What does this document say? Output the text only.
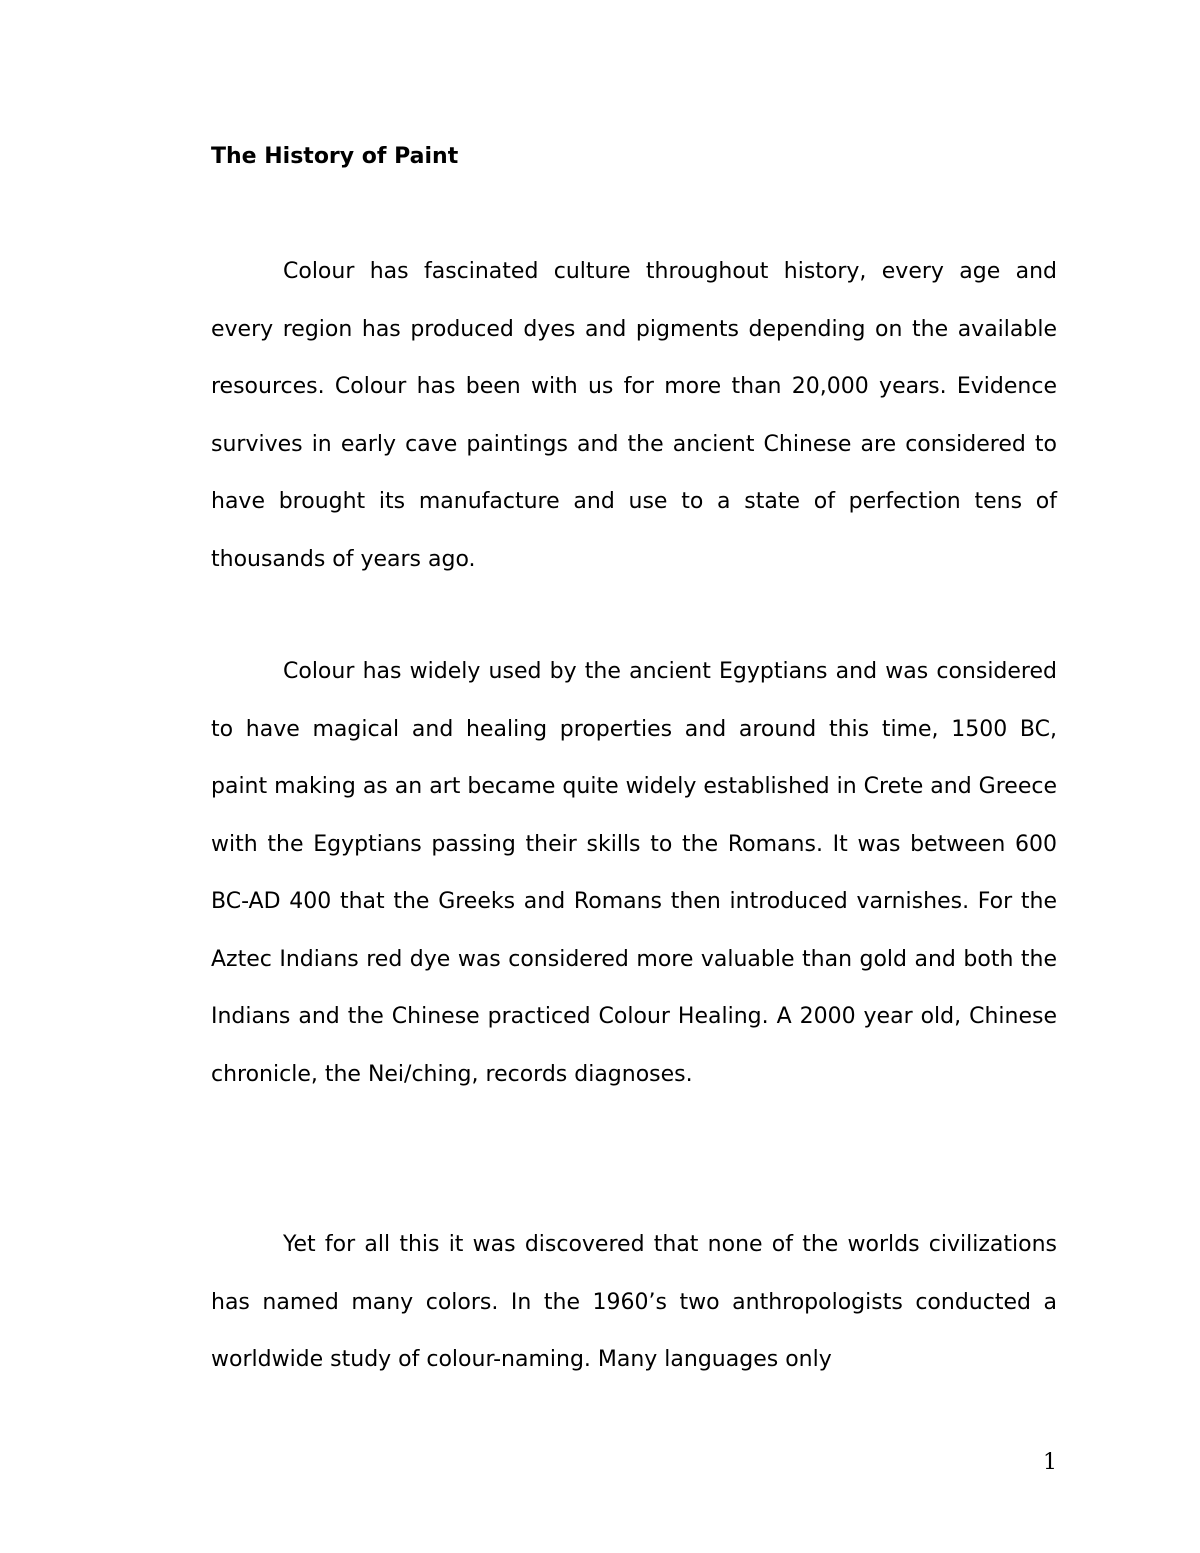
The History of Paint

Colour has fascinated culture throughout history, every age and every region has produced dyes and pigments depending on the available resources. Colour has been with us for more than 20,000 years. Evidence survives in early cave paintings and the ancient Chinese are considered to have brought its manufacture and use to a state of perfection tens of thousands of years ago.

Colour has widely used by the ancient Egyptians and was considered to have magical and healing properties and around this time, 1500 BC, paint making as an art became quite widely established in Crete and Greece with the Egyptians passing their skills to the Romans. It was between 600 BC-AD 400 that the Greeks and Romans then introduced varnishes. For the Aztec Indians red dye was considered more valuable than gold and both the Indians and the Chinese practiced Colour Healing. A 2000 year old, Chinese chronicle, the Nei/ching, records diagnoses.

Yet for all this it was discovered that none of the worlds civilizations has named many colors. In the 1960’s two anthropologists conducted a worldwide study of colour-naming. Many languages only

1
